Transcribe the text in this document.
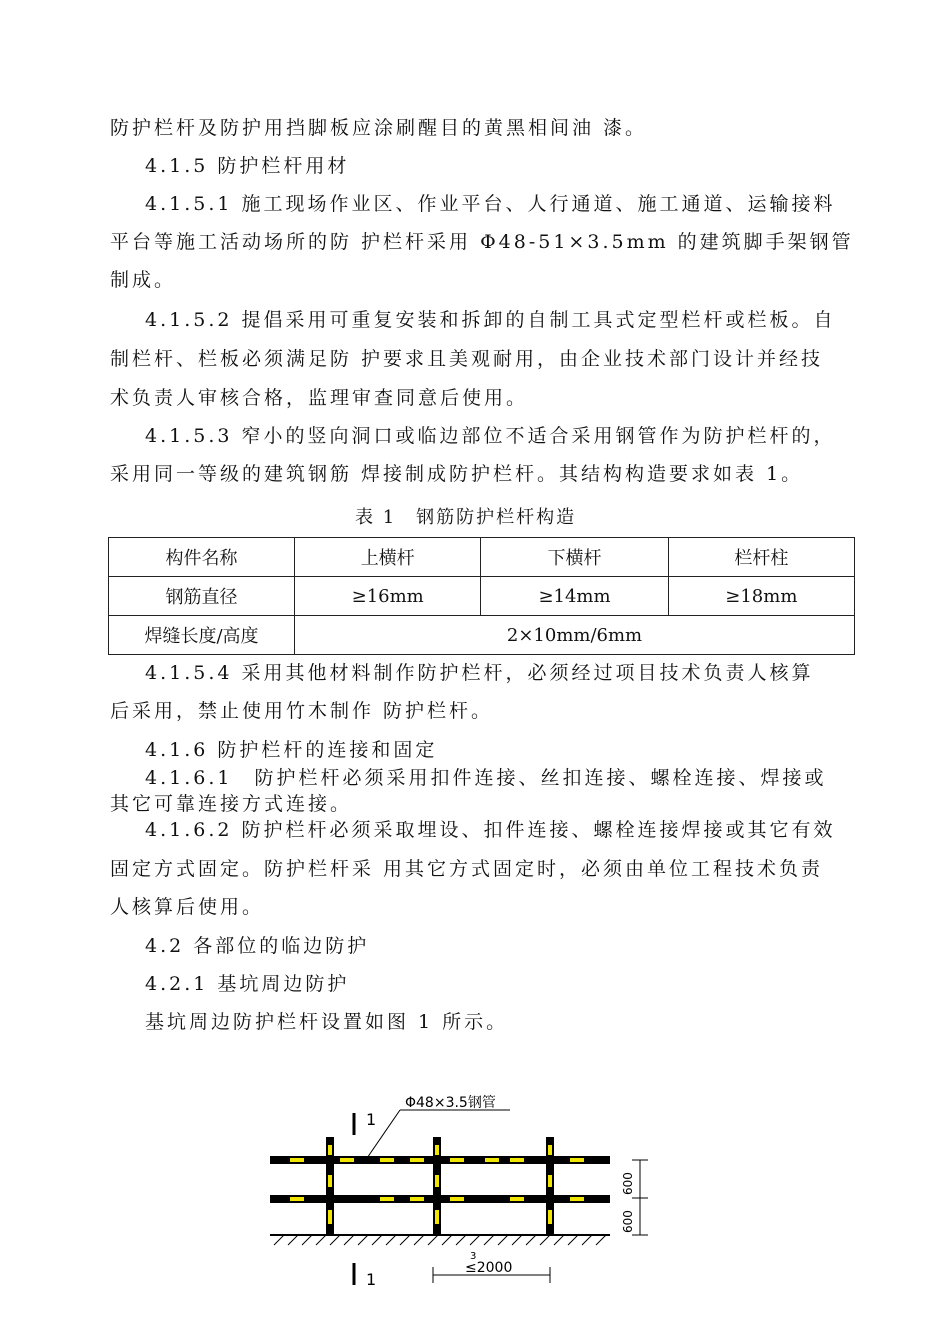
防护栏杆及防护用挡脚板应涂刷醒目的黄黑相间油 漆。
4.1.5 防护栏杆用材
4.1.5.1 施工现场作业区、作业平台、人行通道、施工通道、运输接料
平台等施工活动场所的防 护栏杆采用 Φ48-51×3.5mm 的建筑脚手架钢管
制成。
4.1.5.2 提倡采用可重复安装和拆卸的自制工具式定型栏杆或栏板。自
制栏杆、栏板必须满足防 护要求且美观耐用，由企业技术部门设计并经技
术负责人审核合格，监理审查同意后使用。
4.1.5.3 窄小的竖向洞口或临边部位不适合采用钢管作为防护栏杆的，
采用同一等级的建筑钢筋 焊接制成防护栏杆。其结构构造要求如表 1。
表 1　钢筋防护栏杆构造
构件名称	上横杆	下横杆	栏杆柱
钢筋直径	≥16mm	≥14mm	≥18mm
焊缝长度/高度	2×10mm/6mm		
4.1.5.4 采用其他材料制作防护栏杆，必须经过项目技术负责人核算
后采用，禁止使用竹木制作 防护栏杆。
4.1.6 防护栏杆的连接和固定
4.1.6.1　防护栏杆必须采用扣件连接、丝扣连接、螺栓连接、焊接或
其它可靠连接方式连接。
4.1.6.2 防护栏杆必须采取埋设、扣件连接、螺栓连接焊接或其它有效
固定方式固定。防护栏杆采 用其它方式固定时，必须由单位工程技术负责
人核算后使用。
4.2 各部位的临边防护
4.2.1 基坑周边防护
基坑周边防护栏杆设置如图 1 所示。
1
Φ48×3.5钢管
600
600
3
≤2000
1
